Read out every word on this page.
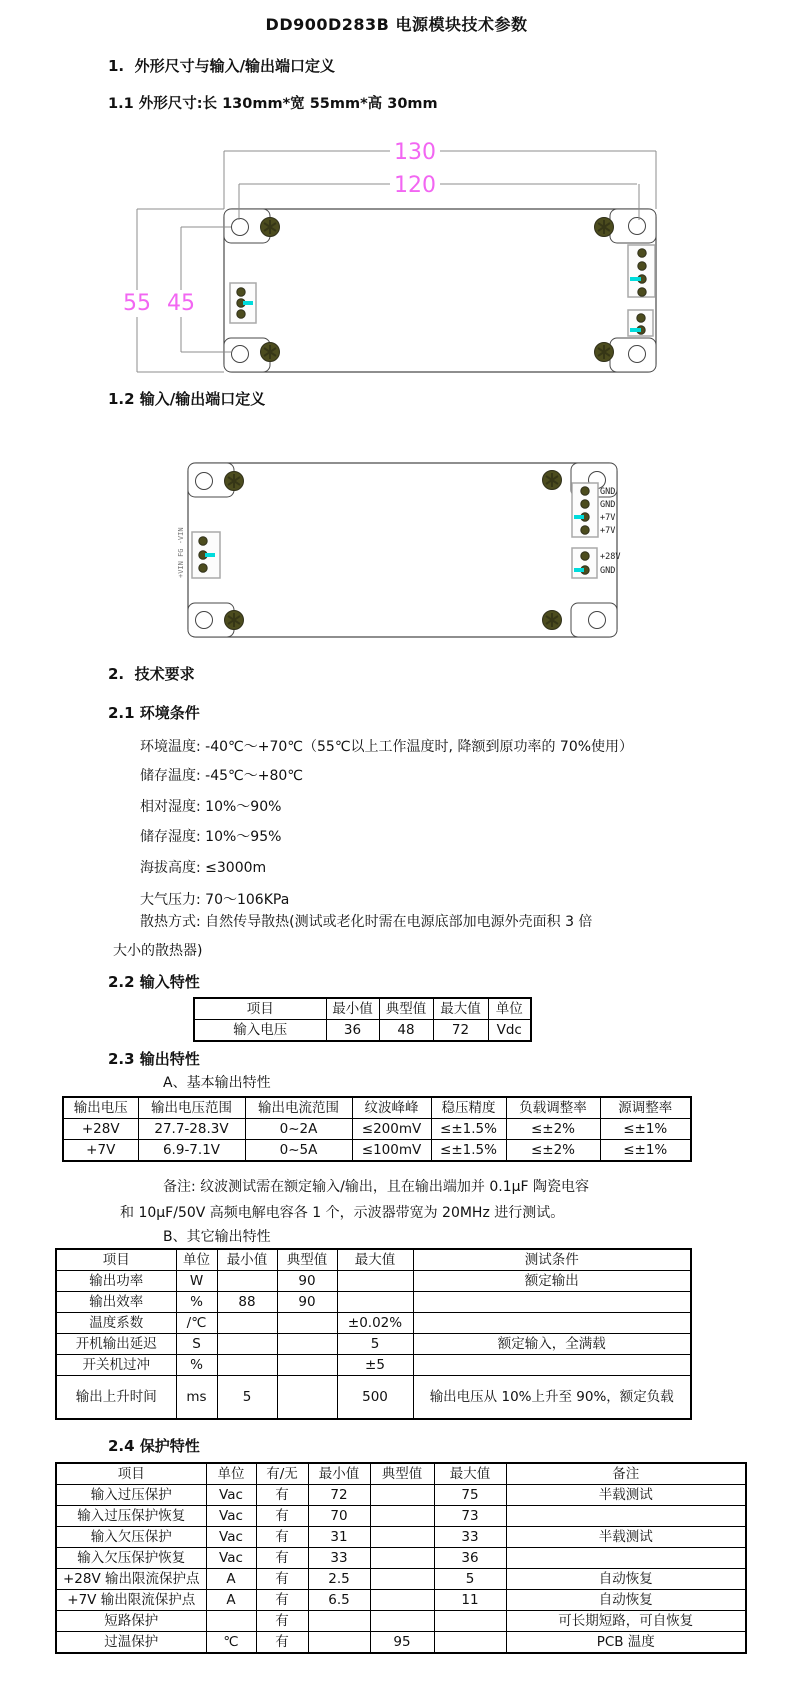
DD900D283B 电源模块技术参数
1.  外形尺寸与输入/输出端口定义
1.1 外形尺寸:长 130mm*宽 55mm*高 30mm
130
120
55 45
1.2 输入/输出端口定义
+VIN FG -VIN
GND
GND
+7V
+7V
+28V
GND
2.  技术要求
2.1 环境条件
环境温度: -40℃～+70℃（55℃以上工作温度时, 降额到原功率的 70%使用）
储存温度: -45℃～+80℃
相对湿度: 10%～90%
储存湿度: 10%～95%
海拔高度: ≤3000m
大气压力: 70～106KPa
散热方式: 自然传导散热(测试或老化时需在电源底部加电源外壳面积 3 倍
大小的散热器)
2.2 输入特性
项目	最小值	典型值	最大值	单位
输入电压	36	48	72	Vdc
2.3 输出特性
A、基本输出特性
输出电压	输出电压范围	输出电流范围	纹波峰峰	稳压精度	负载调整率	源调整率
+28V	27.7-28.3V	0~2A	≤200mV	≤±1.5%	≤±2%	≤±1%
+7V	6.9-7.1V	0~5A	≤100mV	≤±1.5%	≤±2%	≤±1%
备注: 纹波测试需在额定输入/输出，且在输出端加并 0.1μF 陶瓷电容
和 10μF/50V 高频电解电容各 1 个，示波器带宽为 20MHz 进行测试。
B、其它输出特性
项目	单位	最小值	典型值	最大值	测试条件
输出功率	W		90		额定输出
输出效率	%	88	90		
温度系数	/℃			±0.02%	
开机输出延迟	S			5	额定输入，全满载
开关机过冲	%			±5	
输出上升时间	ms	5		500	输出电压从 10%上升至 90%，额定负载
2.4 保护特性
项目	单位	有/无	最小值	典型值	最大值	备注
输入过压保护	Vac	有	72		75	半载测试
输入过压保护恢复	Vac	有	70		73	
输入欠压保护	Vac	有	31		33	半载测试
输入欠压保护恢复	Vac	有	33		36	
+28V 输出限流保护点	A	有	2.5		5	自动恢复
+7V 输出限流保护点	A	有	6.5		11	自动恢复
短路保护		有				可长期短路，可自恢复
过温保护	℃	有		95		PCB 温度
